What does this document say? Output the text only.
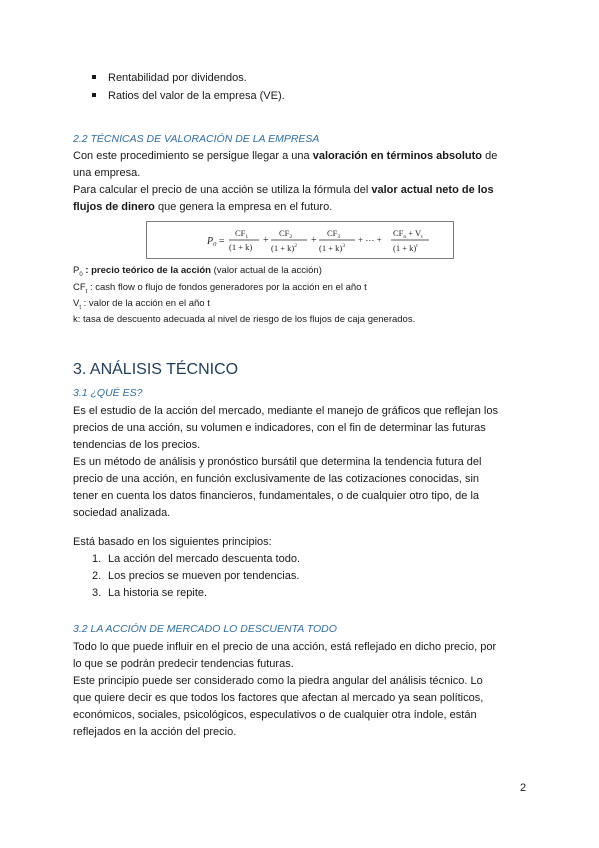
Rentabilidad por dividendos.
Ratios del valor de la empresa (VE).
2.2 TÉCNICAS DE VALORACIÓN DE LA EMPRESA
Con este procedimiento se persigue llegar a una valoración en términos absoluto de
una empresa.
Para calcular el precio de una acción se utiliza la fórmula del valor actual neto de los
flujos de dinero que genera la empresa en el futuro.
$P_0$ =
$CF_1$
(1 + k)
+
$CF_2$
$(1 + k)^2$ +
$CF_3$
$(1 + k)^3$
+ ⋯ +
$CF_n + V_t$
$(1 + k)^t$
$P_0$ : precio teórico de la acción (valor actual de la acción)
$CF_t$ : cash flow o flujo de fondos generadores por la acción en el año t
$V_t$ : valor de la acción en el año t
k: tasa de descuento adecuada al nivel de riesgo de los flujos de caja generados.
3. ANÁLISIS TÉCNICO
3.1 ¿QUÉ ES?
Es el estudio de la acción del mercado, mediante el manejo de gráficos que reflejan los
precios de una acción, su volumen e indicadores, con el fin de determinar las futuras
tendencias de los precios.
Es un método de análisis y pronóstico bursátil que determina la tendencia futura del
precio de una acción, en función exclusivamente de las cotizaciones conocidas, sin
tener en cuenta los datos financieros, fundamentales, o de cualquier otro tipo, de la
sociedad analizada.
Está basado en los siguientes principios:
1. La acción del mercado descuenta todo.
2. Los precios se mueven por tendencias.
3. La historia se repite.
3.2 LA ACCIÓN DE MERCADO LO DESCUENTA TODO
Todo lo que puede influir en el precio de una acción, está reflejado en dicho precio, por
lo que se podrán predecir tendencias futuras.
Este principio puede ser considerado como la piedra angular del análisis técnico. Lo
que quiere decir es que todos los factores que afectan al mercado ya sean políticos,
económicos, sociales, psicológicos, especulativos o de cualquier otra índole, están
reflejados en la acción del precio.
2
